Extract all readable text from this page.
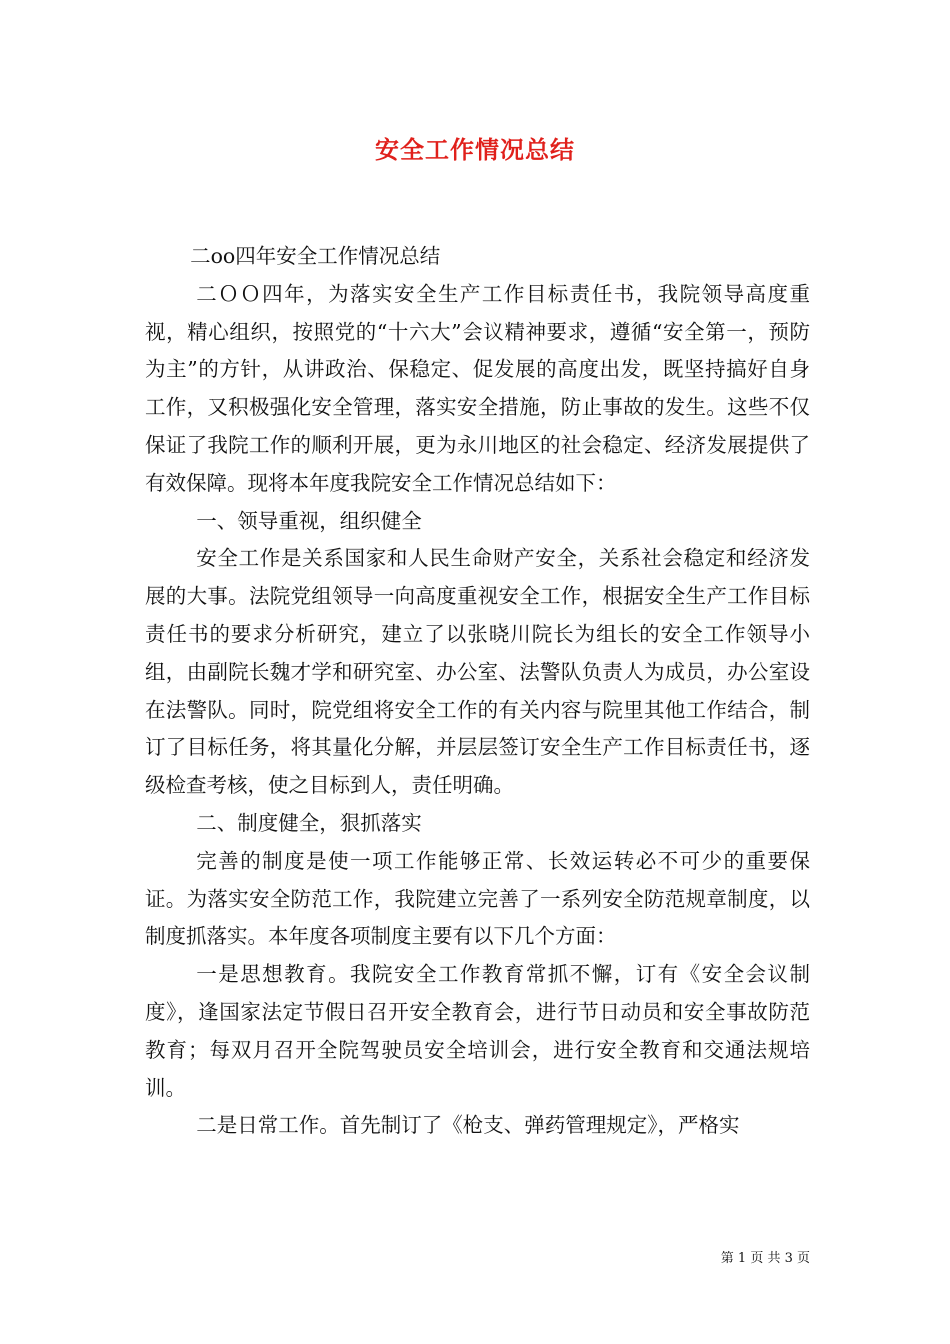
安全工作情况总结

二oo四年安全工作情况总结

二ＯＯ四年，为落实安全生产工作目标责任书，我院领导高度重视，精心组织，按照党的“十六大”会议精神要求，遵循“安全第一，预防为主”的方针，从讲政治、保稳定、促发展的高度出发，既坚持搞好自身工作，又积极强化安全管理，落实安全措施，防止事故的发生。这些不仅保证了我院工作的顺利开展，更为永川地区的社会稳定、经济发展提供了有效保障。现将本年度我院安全工作情况总结如下：

一、领导重视，组织健全

安全工作是关系国家和人民生命财产安全，关系社会稳定和经济发展的大事。法院党组领导一向高度重视安全工作，根据安全生产工作目标责任书的要求分析研究，建立了以张晓川院长为组长的安全工作领导小组，由副院长魏才学和研究室、办公室、法警队负责人为成员，办公室设在法警队。同时，院党组将安全工作的有关内容与院里其他工作结合，制订了目标任务，将其量化分解，并层层签订安全生产工作目标责任书，逐级检查考核，使之目标到人，责任明确。

二、制度健全，狠抓落实

完善的制度是使一项工作能够正常、长效运转必不可少的重要保证。为落实安全防范工作，我院建立完善了一系列安全防范规章制度，以制度抓落实。本年度各项制度主要有以下几个方面：

一是思想教育。我院安全工作教育常抓不懈，订有《安全会议制度》，逢国家法定节假日召开安全教育会，进行节日动员和安全事故防范教育；每双月召开全院驾驶员安全培训会，进行安全教育和交通法规培训。

二是日常工作。首先制订了《枪支、弹药管理规定》，严格实

第 1 页 共 3 页
